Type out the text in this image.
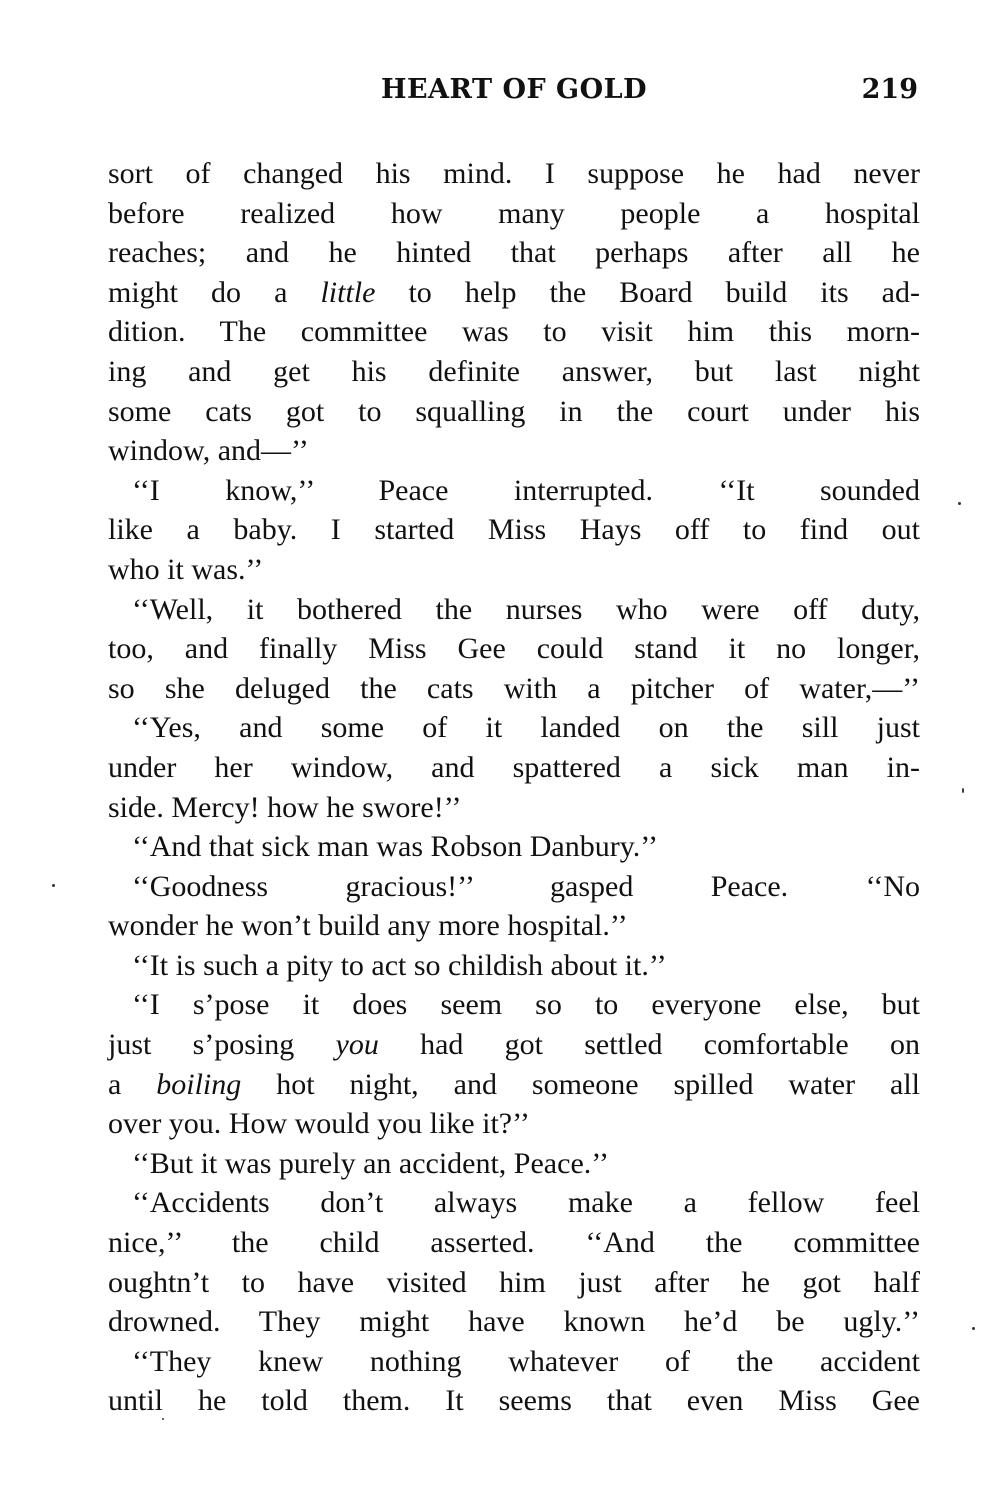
HEART OF GOLD	219
sort of changed his mind. I suppose he had never
before realized how many people a hospital
reaches; and he hinted that perhaps after all he
might do a little to help the Board build its ad-
dition. The committee was to visit him this morn-
ing and get his definite answer, but last night
some cats got to squalling in the court under his
window, and—’’
‘‘I know,’’ Peace interrupted. ‘‘It sounded
like a baby. I started Miss Hays off to find out
who it was.’’
‘‘Well, it bothered the nurses who were off duty,
too, and finally Miss Gee could stand it no longer,
so she deluged the cats with a pitcher of water,—’’
‘‘Yes, and some of it landed on the sill just
under her window, and spattered a sick man in-
side. Mercy! how he swore!’’
‘‘And that sick man was Robson Danbury.’’
‘‘Goodness gracious!’’ gasped Peace. ‘‘No
wonder he won’t build any more hospital.’’
‘‘It is such a pity to act so childish about it.’’
‘‘I s’pose it does seem so to everyone else, but
just s’posing you had got settled comfortable on
a boiling hot night, and someone spilled water all
over you. How would you like it?’’
‘‘But it was purely an accident, Peace.’’
‘‘Accidents don’t always make a fellow feel
nice,’’ the child asserted. ‘‘And the committee
oughtn’t to have visited him just after he got half
drowned. They might have known he’d be ugly.’’
‘‘They knew nothing whatever of the accident
until he told them. It seems that even Miss Gee
